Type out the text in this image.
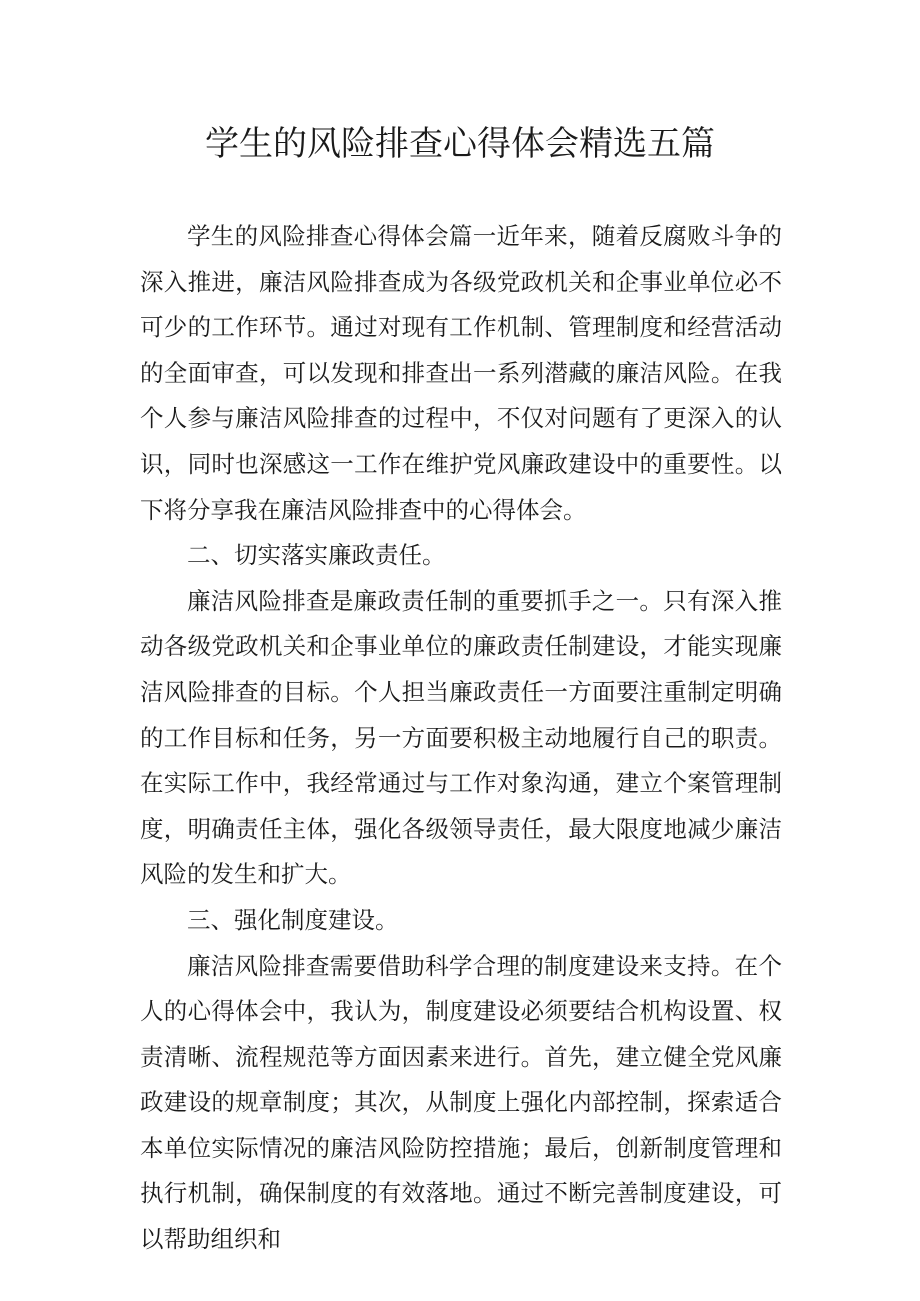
学生的风险排查心得体会精选五篇

学生的风险排查心得体会篇一近年来，随着反腐败斗争的深入推进，廉洁风险排查成为各级党政机关和企事业单位必不可少的工作环节。通过对现有工作机制、管理制度和经营活动的全面审查，可以发现和排查出一系列潜藏的廉洁风险。在我个人参与廉洁风险排查的过程中，不仅对问题有了更深入的认识，同时也深感这一工作在维护党风廉政建设中的重要性。以下将分享我在廉洁风险排查中的心得体会。

二、切实落实廉政责任。

廉洁风险排查是廉政责任制的重要抓手之一。只有深入推动各级党政机关和企事业单位的廉政责任制建设，才能实现廉洁风险排查的目标。个人担当廉政责任一方面要注重制定明确的工作目标和任务，另一方面要积极主动地履行自己的职责。在实际工作中，我经常通过与工作对象沟通，建立个案管理制度，明确责任主体，强化各级领导责任，最大限度地减少廉洁风险的发生和扩大。

三、强化制度建设。

廉洁风险排查需要借助科学合理的制度建设来支持。在个人的心得体会中，我认为，制度建设必须要结合机构设置、权责清晰、流程规范等方面因素来进行。首先，建立健全党风廉政建设的规章制度；其次，从制度上强化内部控制，探索适合本单位实际情况的廉洁风险防控措施；最后，创新制度管理和执行机制，确保制度的有效落地。通过不断完善制度建设，可以帮助组织和
